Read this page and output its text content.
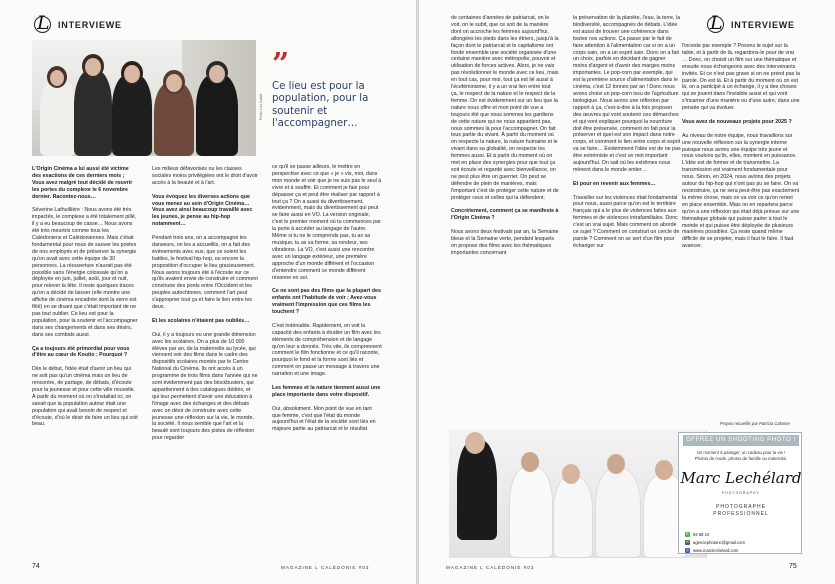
L INTERVIEWE
Photo Lou Cadet
”
Ce lieu est pour la population, pour la soutenir et l'accompagner…

L'Origin Cinéma a lui aussi été victime des exactions de ces derniers mois ; Vous avez malgré tout décidé de rouvrir les portes du complexe le 6 novembre dernier. Racontez-nous…

Séverine Lathuillière : Nous avons été très impactés, le complexe a été totalement pillé, il y a eu beaucoup de casse… Nous avons été très meurtris comme tous les Calédoniens et Calédoniennes. Mais c'était fondamental pour nous de sauver les postes de nos employés et de préserver la synergie qu'on avait avec cette équipe de 30 personnes. La réouverture n'aurait pas été possible sans l'énergie colossale qu'on a déployée en juin, juillet, août, jour et nuit, pour relever la tête. Il reste quelques traces qu'on a décidé de laisser (elle montre une affiche de cinéma encadrée dont la verre est fêlé) en se disant que c'était important de ne pas tout oublier. Ce lieu est pour la population, pour la soutenir et l'accompagner dans ses changements et dans ses désirs, dans ses combats aussi.

Ça a toujours été primordial pour vous d'être au cœur de Koutio ; Pourquoi ?

Dès le début, l'idée était d'avoir un lieu qui ne soit pas qu'un cinéma mais un lieu de rencontre, de partage, de débats, d'écoute pour la jeunesse et pour cette ville nouvelle. À partir du moment où on s'installait ici, on savait que la population autour était une population qui avait besoin de respect et d'écoute, d'où le désir de faire un lieu qui soit beau.

Les milieux défavorisés ou les classes sociales moins privilégiées ont le droit d'avoir accès à la beauté et à l'art.

Vous évoquez les diverses actions que vous menez au sein d'Origin Cinéma… Vous avez ainsi beaucoup travaillé avec les jeunes, je pense au hip-hop notamment…

Pendant trois ans, on a accompagné les danseurs, on les a accueillis, on a fait des événements avec eux, que ce soient les battles, le festival hip-hop, ou encore la proposition d'occuper le lieu gracieusement. Nous avons toujours été à l'écoute sur ce qu'ils avaient envie de construire et comment construire des ponts entre l'Occident et les peuples autochtones, comment l'art peut s'approprier tout ça et faire le lien entre les deux.

Et les scolaires n'étaient pas oubliés…

Oui, il y a toujours eu une grande dimension avec les scolaires. On a plus de 10 000 élèves par an, de la maternelle au lycée, qui viennent voir des films dans le cadre des dispositifs scolaires montés par le Centre National du Cinéma. Ils ont accès à un programme de trois films dans l'année qui ne sont évidemment pas des blockbusters, qui appartiennent à des catalogues dédiés, et qui leur permettent d'avoir une éducation à l'image avec des échanges et des débats avec un désir de construire avec cette jeunesse une réflexion sur la vie, le monde, la société. Il nous semble que l'art et la beauté sont toujours des pistes de réflexion pour regarder

ce qu'il se passe ailleurs, le mettre en perspective avec ce que « je » vis, moi, dans mon monde et voir que je ne suis pas le seul à vivre et à souffrir. Et comment je fais pour dépasser ça et peut être réaliser par rapport à tout ça ? On a aussi du divertissement, évidemment, mais du divertissement qui peut se faire aussi en VO. La version originale, c'est le premier moment où tu commences par la porte à accéder au langage de l'autre. Même si tu ne le comprends pas, tu as sa musique, tu as sa forme, sa rondeur, ses vibrations. La VO, c'est aussi une rencontre avec un langage extérieur, une première approche d'un monde différent et l'occasion d'entendre comment ce monde différent résonne en soi.

Ce ne sont pas des films que la plupart des enfants ont l'habitude de voir ; Avez-vous vraiment l'impression que ces films les touchent ?

C'est indéniable. Rapidement, on voit la capacité des enfants à étudier un film avec les éléments de compréhension et de langage qu'on leur a donnés. Très vite, ils comprennent comment le film fonctionne et ce qu'il raconte, pourquoi le fond et la forme sont liés et comment on passe un message à travers une narration et une image.

Les femmes et la nature tiennent aussi une place importante dans votre dispositif.

Oui, absolument. Mon point de vue en tant que femme, c'est que l'état du monde aujourd'hui et l'état de la société sont liés en majeure partie au patriarcat et le résultat

74	MAGAZINE L CALÉDONIE #03
L INTERVIEWE

de centaines d'années de patriarcat, on le voit, on le subit, que ce soit de la manière dont on accroche les femmes aujourd'hui, allongées les pieds dans les étriers, jusqu'à la façon dont le patriarcat et le capitalisme ont fondé ensemble une société organisée d'une certaine manière avec métropolie, pouvoir et utilisation de forces actives. Alors, je ne vais pas révolutionner le monde avec ce lieu, mais en tout cas, pour moi, tout ça est lié aussi à l'écoféminisme, il y a un vrai lien entre tout ça, le respect de la nature et le respect de la femme. On est évidemment sur un lieu que la nature nous offre et mon point de vue a toujours été que nous sommes les gardiens de cette nature qui ne nous appartient pas, nous sommes là pour l'accompagner. On fait tous partie du vivant. À partir du moment où on respecte la nature, la nature humaine et le vivant dans sa globalité, on respecte les femmes aussi. Et à partir du moment où on met en place des synergies pour que tout ça soit écoute et regardé avec bienveillance, on ne peut plus être un guerrier. On peut se défendre de plein de manières, mais l'important c'est de protéger cette nature et de protéger ceux et celles qui la défendent.

Concrètement, comment ça se manifeste à l'Origin Cinéma ?

Nous avons deux festivals par an, la Semaine bleue et la Semaine verte, pendant lesquels on propose des films avec les thématiques importantes concernant

la préservation de la planète, l'eau, la terre, la biodiversité, accompagnés de débats. L'idée est aussi de trouver une cohérence dans toutes nos actions. Ça passe par le fait de faire attention à l'alimentation car si on a un corps sain, on a un esprit sain. Donc on a fait un choix, parfois en décidant de gagner moins d'argent et d'avoir des marges moins importantes. Le pop-corn par exemple, qui est la première source d'alimentation dans le cinéma, c'est 12 tonnes par an ! Donc nous avons choisi un pop-corn issu de l'agriculture biologique. Nous avons une réflexion par rapport à ça, c'est-à-dire à la fois proposer des œuvres qui vont soutenir ces démarches et qui vont expliquer pourquoi la nourriture doit être préservée, comment on fait pour la préserver et quel est son impact dans notre corps, et comment le lien entre corps et esprit va se faire… Évidemment l'idée est de ne pas être extrémiste et c'est un mot important aujourd'hui. On sait où les extrêmes nous mènent dans le monde entier…

Et pour en revenir aux femmes…

Travailler sur les violences était fondamental pour nous, aussi parce qu'on est le territoire français qui a le plus de violences faites aux femmes et de violences intrafamiliales. Donc c'est un vrai sujet. Mais comment on aborde ce sujet ? Comment on construit un cercle de parole ? Comment on se sert d'un film pour échanger sur

l'inceste par exemple ? Posons le sujet sur la table, et à partir de là, regardons-le pour de vrai … Donc, on choisit un film sur une thématique et ensuite nous échangeons avec des intervenants invités. Et ce n'est pas grave si on ne prend pas la parole. On est là. Et à partir du moment où on est là, on a participé à un échange, il y a des choses qui se jouent dans l'invisible aussi et qui vont s'incarner d'une manière ou d'une autre, dans une pensée qui va évoluer.

Vous avez de nouveaux projets pour 2025 ?

Au niveau de notre équipe, nous travaillons sur une nouvelle réflexion sur la synergie interne puisque nous avons une équipe très jeune et nous voulons qu'ils, elles, montent en puissance. L'idée est de former et de transmettre. La transmission est vraiment fondamentale pour nous. Sinon, en 2024, nous avions des projets autour du hip-hop qui n'ont pas pu se faire. On va reconstruire, ça ne sera peut-être pas exactement la même chose, mais on va voir ce qu'on remet en place ensemble. Mais on en reparlera parce qu'on a une réflexion qui était déjà prévue sur une thématique globale qui puisse parler à tout le monde et qui puisse être déployée de plusieurs manières possibles. Ça reste quand même difficile de se projeter, mais il faut le faire. Il faut avancer.

Propos recueillis par Patricia Calonne
OFFREZ UN SHOOTING PHOTO !
Un moment à partager, un cadeau pour la vie !
Photos de mode, photos de famille ou maternité.
Marc Lechélard
PHOTOGRAPHY
PHOTOGRAPHE
PROFESSIONNEL
✆ 92 68 10
✉ agencephotonc@gmail.com
◎ www.marclechelard.com
MAGAZINE L CALÉDONIE #03	75
